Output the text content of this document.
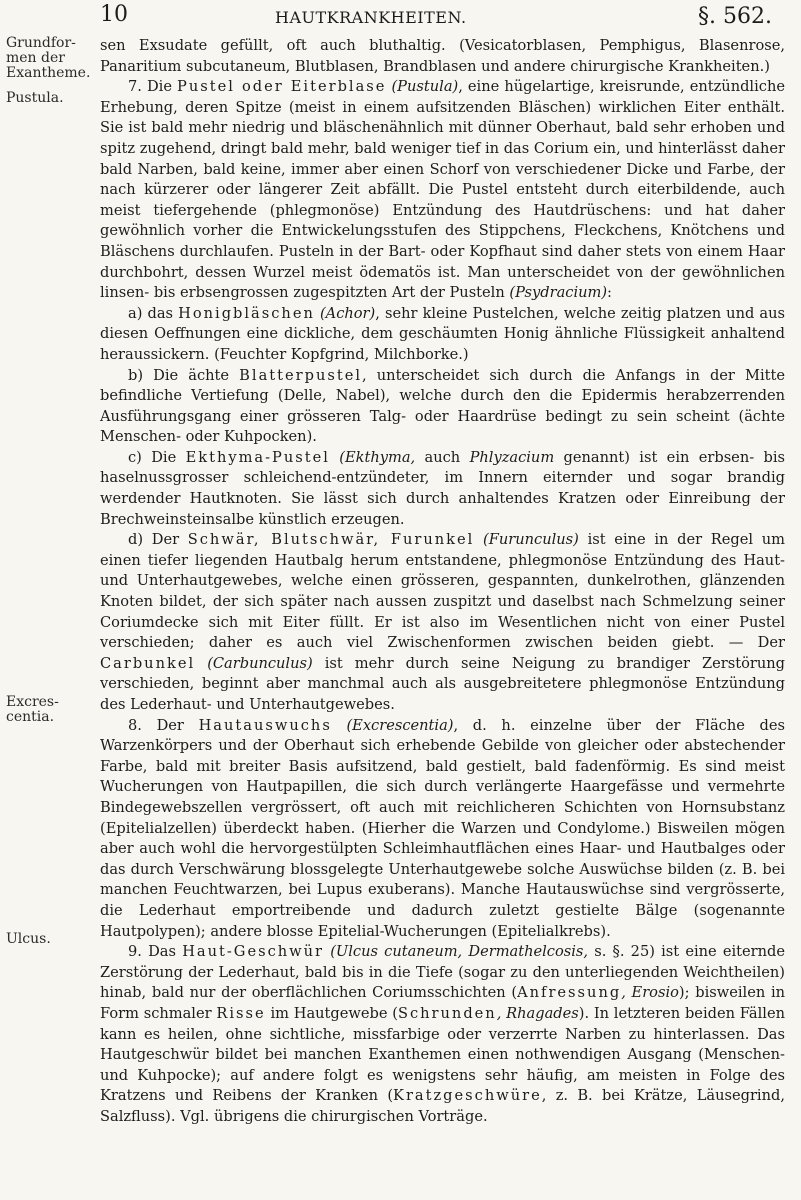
10	HAUTKRANKHEITEN.	§. 562.
Grundfor-men der Exantheme.
Pustula.
Excres-centia.
Ulcus.

sen Exsudate gefüllt, oft auch bluthaltig. (Vesicatorblasen, Pemphigus, Blasenrose, Panaritium subcutaneum, Blutblasen, Brandblasen und andere chirurgische Krankheiten.)

7. Die Pustel oder Eiterblase (Pustula), eine hügelartige, kreisrunde, entzündliche Erhebung, deren Spitze (meist in einem aufsitzenden Bläschen) wirklichen Eiter enthält. Sie ist bald mehr niedrig und bläschenähnlich mit dünner Oberhaut, bald sehr erhoben und spitz zugehend, dringt bald mehr, bald weniger tief in das Corium ein, und hinterlässt daher bald Narben, bald keine, immer aber einen Schorf von verschiedener Dicke und Farbe, der nach kürzerer oder längerer Zeit abfällt. Die Pustel entsteht durch eiterbildende, auch meist tiefergehende (phlegmonöse) Entzündung des Hautdrüschens: und hat daher gewöhnlich vorher die Entwickelungsstufen des Stippchens, Fleckchens, Knötchens und Bläschens durchlaufen. Pusteln in der Bart- oder Kopfhaut sind daher stets von einem Haar durchbohrt, dessen Wurzel meist ödematös ist. Man unterscheidet von der gewöhnlichen linsen- bis erbsengrossen zugespitzten Art der Pusteln (Psydracium):

a) das Honigbläschen (Achor), sehr kleine Pustelchen, welche zeitig platzen und aus diesen Oeffnungen eine dickliche, dem geschäumten Honig ähnliche Flüssigkeit anhaltend heraussickern. (Feuchter Kopfgrind, Milchborke.)

b) Die ächte Blatterpustel, unterscheidet sich durch die Anfangs in der Mitte befindliche Vertiefung (Delle, Nabel), welche durch den die Epidermis herabzerrenden Ausführungsgang einer grösseren Talg- oder Haardrüse bedingt zu sein scheint (ächte Menschen- oder Kuhpocken).

c) Die Ekthyma-Pustel (Ekthyma, auch Phlyzacium genannt) ist ein erbsen- bis haselnussgrosser schleichend-entzündeter, im Innern eiternder und sogar brandig werdender Hautknoten. Sie lässt sich durch anhaltendes Kratzen oder Einreibung der Brechweinsteinsalbe künstlich erzeugen.

d) Der Schwär, Blutschwär, Furunkel (Furunculus) ist eine in der Regel um einen tiefer liegenden Hautbalg herum entstandene, phlegmonöse Entzündung des Haut- und Unterhautgewebes, welche einen grösseren, gespannten, dunkelrothen, glänzenden Knoten bildet, der sich später nach aussen zuspitzt und daselbst nach Schmelzung seiner Coriumdecke sich mit Eiter füllt. Er ist also im Wesentlichen nicht von einer Pustel verschieden; daher es auch viel Zwischenformen zwischen beiden giebt. — Der Carbunkel (Carbunculus) ist mehr durch seine Neigung zu brandiger Zerstörung verschieden, beginnt aber manchmal auch als ausgebreitetere phlegmonöse Entzündung des Lederhaut- und Unterhautgewebes.

8. Der Hautauswuchs (Excrescentia), d. h. einzelne über der Fläche des Warzenkörpers und der Oberhaut sich erhebende Gebilde von gleicher oder abstechender Farbe, bald mit breiter Basis aufsitzend, bald gestielt, bald fadenförmig. Es sind meist Wucherungen von Hautpapillen, die sich durch verlängerte Haargefässe und vermehrte Bindegewebszellen vergrössert, oft auch mit reichlicheren Schichten von Hornsubstanz (Epitelialzellen) überdeckt haben. (Hierher die Warzen und Condylome.) Bisweilen mögen aber auch wohl die hervorgestülpten Schleimhautflächen eines Haar- und Hautbalges oder das durch Verschwärung blossgelegte Unterhautgewebe solche Auswüchse bilden (z. B. bei manchen Feuchtwarzen, bei Lupus exuberans). Manche Hautauswüchse sind vergrösserte, die Lederhaut emportreibende und dadurch zuletzt gestielte Bälge (sogenannte Hautpolypen); andere blosse Epitelial-Wucherungen (Epitelialkrebs).

9. Das Haut-Geschwür (Ulcus cutaneum, Dermathelcosis, s. §. 25) ist eine eiternde Zerstörung der Lederhaut, bald bis in die Tiefe (sogar zu den unterliegenden Weichtheilen) hinab, bald nur der oberflächlichen Coriumsschichten (Anfressung, Erosio); bisweilen in Form schmaler Risse im Hautgewebe (Schrunden, Rhagades). In letzteren beiden Fällen kann es heilen, ohne sichtliche, missfarbige oder verzerrte Narben zu hinterlassen. Das Hautgeschwür bildet bei manchen Exanthemen einen nothwendigen Ausgang (Menschen- und Kuhpocke); auf andere folgt es wenigstens sehr häufig, am meisten in Folge des Kratzens und Reibens der Kranken (Kratzgeschwüre, z. B. bei Krätze, Läusegrind, Salzfluss). Vgl. übrigens die chirurgischen Vorträge.
